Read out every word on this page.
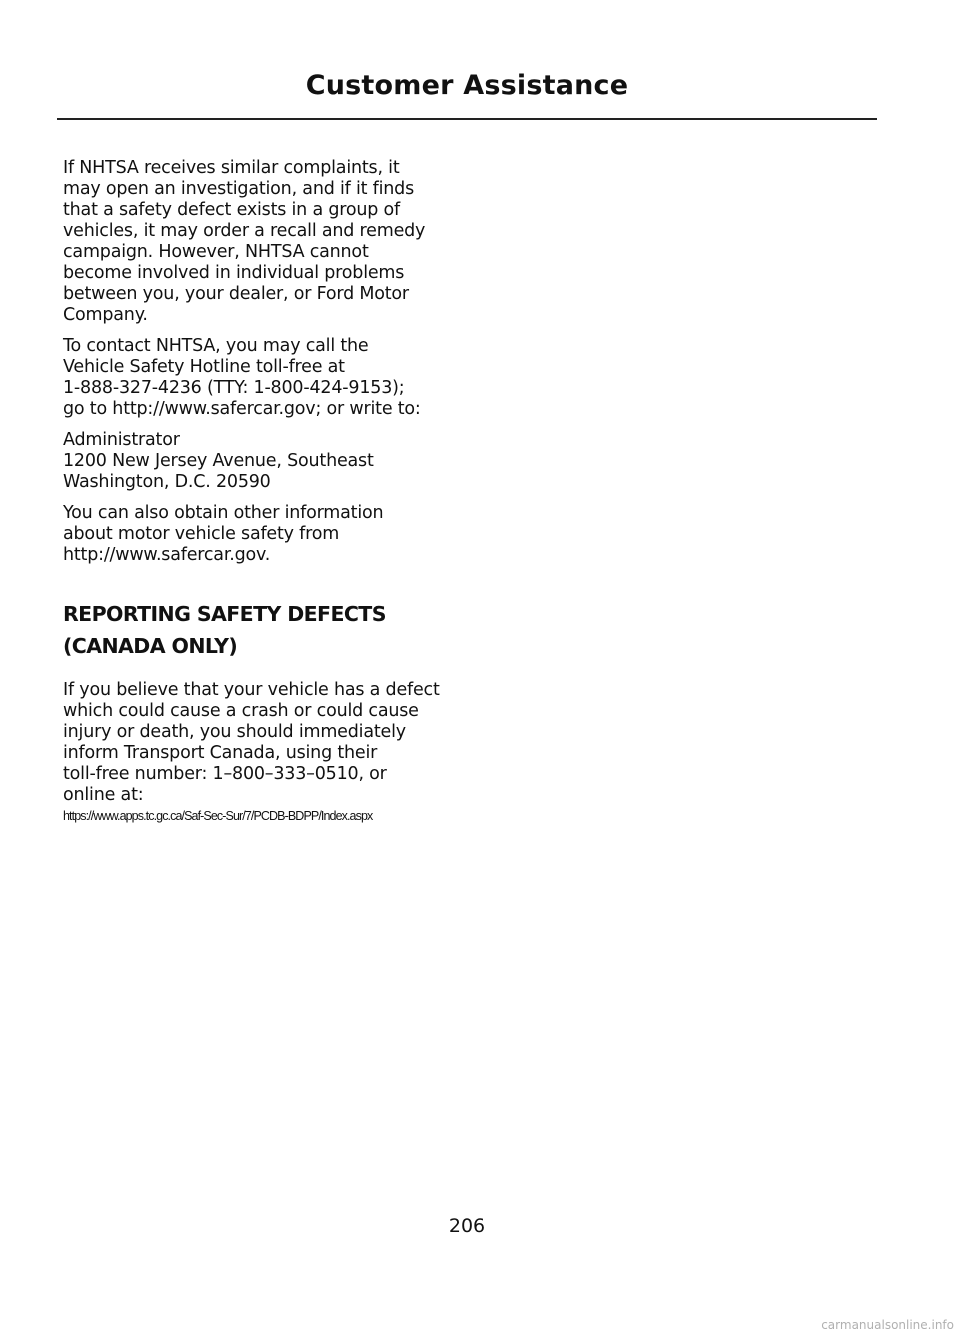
Customer Assistance

If NHTSA receives similar complaints, it
may open an investigation, and if it finds
that a safety defect exists in a group of
vehicles, it may order a recall and remedy
campaign. However, NHTSA cannot
become involved in individual problems
between you, your dealer, or Ford Motor
Company.

To contact NHTSA, you may call the
Vehicle Safety Hotline toll-free at
1-888-327-4236 (TTY: 1-800-424-9153);
go to http://www.safercar.gov; or write to:

Administrator
1200 New Jersey Avenue, Southeast
Washington, D.C. 20590

You can also obtain other information
about motor vehicle safety from
http://www.safercar.gov.

REPORTING SAFETY DEFECTS
(CANADA ONLY)

If you believe that your vehicle has a defect
which could cause a crash or could cause
injury or death, you should immediately
inform Transport Canada, using their
toll-free number: 1–800–333–0510, or
online at:
https://www.apps.tc.gc.ca/Saf-Sec-Sur/7/PCDB-BDPP/Index.aspx

206
carmanualsonline.info
